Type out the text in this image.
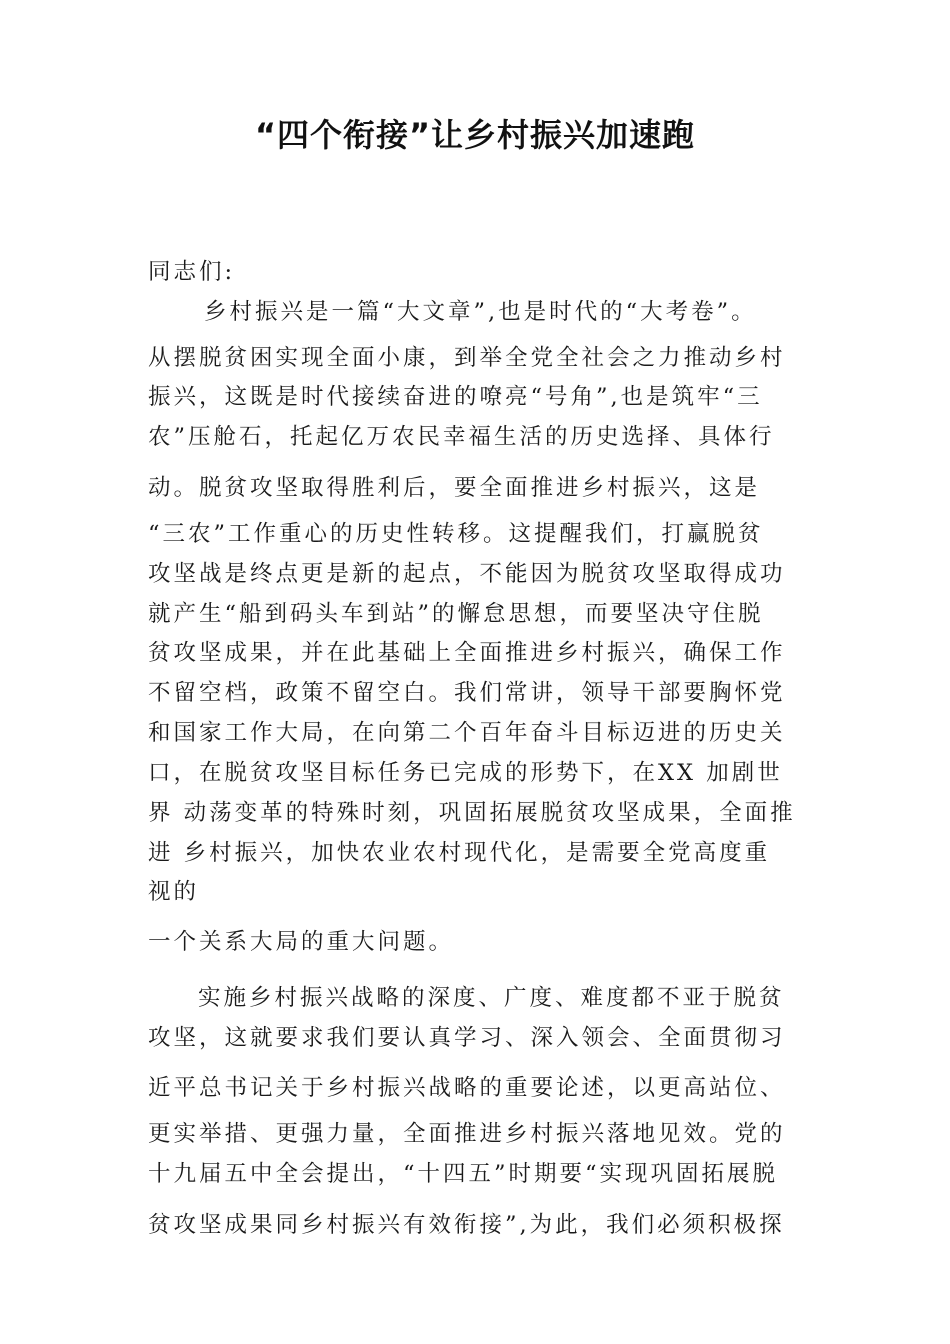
“四个衔接”让乡村振兴加速跑
同志们:
乡村振兴是一篇“大文章”,也是时代的“大考卷”。
从摆脱贫困实现全面小康，到举全党全社会之力推动乡村
振兴，这既是时代接续奋进的嘹亮“号角”,也是筑牢“三
农”压舱石，托起亿万农民幸福生活的历史选择、具体行
动。脱贫攻坚取得胜利后，要全面推进乡村振兴，这是
“三农”工作重心的历史性转移。这提醒我们，打赢脱贫
攻坚战是终点更是新的起点，不能因为脱贫攻坚取得成功
就产生“船到码头车到站”的懈怠思想，而要坚决守住脱
贫攻坚成果，并在此基础上全面推进乡村振兴，确保工作
不留空档，政策不留空白。我们常讲，领导干部要胸怀党
和国家工作大局，在向第二个百年奋斗目标迈进的历史关
口，在脱贫攻坚目标任务已完成的形势下，在XX 加剧世
界 动荡变革的特殊时刻，巩固拓展脱贫攻坚成果，全面推
进 乡村振兴，加快农业农村现代化，是需要全党高度重
视的
一个关系大局的重大问题。
实施乡村振兴战略的深度、广度、难度都不亚于脱贫
攻坚，这就要求我们要认真学习、深入领会、全面贯彻习
近平总书记关于乡村振兴战略的重要论述，以更高站位、
更实举措、更强力量，全面推进乡村振兴落地见效。党的
十九届五中全会提出，“十四五”时期要“实现巩固拓展脱
贫攻坚成果同乡村振兴有效衔接”,为此，我们必须积极探
